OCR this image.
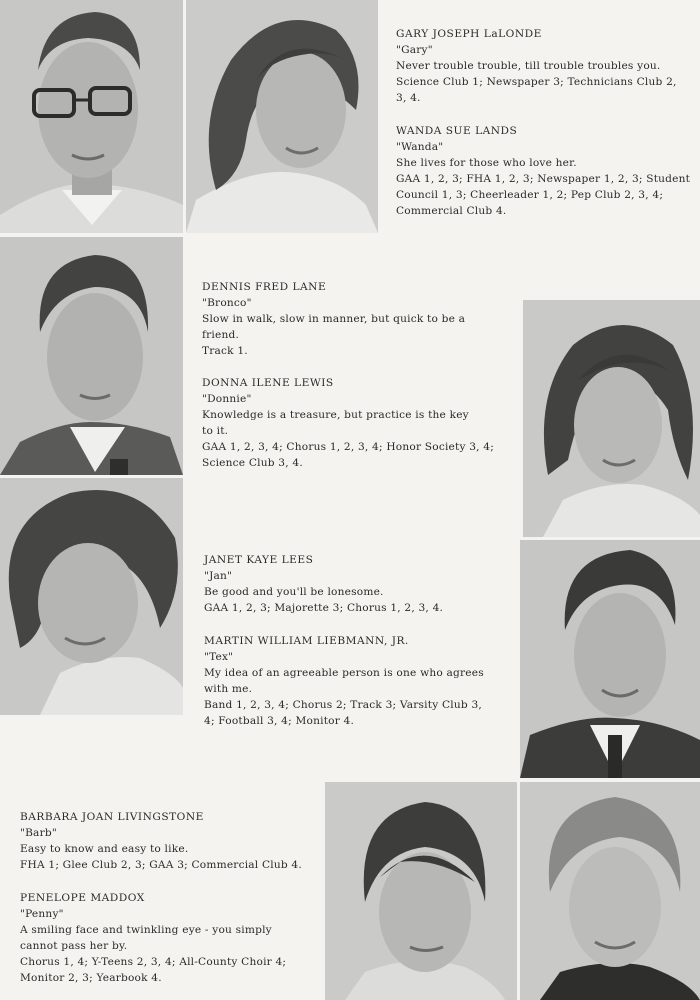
GARY JOSEPH LaLONDE
"Gary"
Never trouble trouble, till trouble troubles you.
Science Club 1; Newspaper 3; Technicians Club 2,
3, 4.
WANDA SUE LANDS
"Wanda"
She lives for those who love her.
GAA 1, 2, 3; FHA 1, 2, 3; Newspaper 1, 2, 3; Student
Council 1, 3; Cheerleader 1, 2; Pep Club 2, 3, 4;
Commercial Club 4.
DENNIS FRED LANE
"Bronco"
Slow in walk, slow in manner, but quick to be a
friend.
Track 1.
DONNA ILENE LEWIS
"Donnie"
Knowledge is a treasure, but practice is the key
to it.
GAA 1, 2, 3, 4; Chorus 1, 2, 3, 4; Honor Society 3, 4;
Science Club 3, 4.
JANET KAYE LEES
"Jan"
Be good and you'll be lonesome.
GAA 1, 2, 3; Majorette 3; Chorus 1, 2, 3, 4.
MARTIN WILLIAM LIEBMANN, JR.
"Tex"
My idea of an agreeable person is one who agrees
with me.
Band 1, 2, 3, 4; Chorus 2; Track 3; Varsity Club 3,
4; Football 3, 4; Monitor 4.
BARBARA JOAN LIVINGSTONE
"Barb"
Easy to know and easy to like.
FHA 1; Glee Club 2, 3; GAA 3; Commercial Club 4.
PENELOPE MADDOX
"Penny"
A smiling face and twinkling eye - you simply
cannot pass her by.
Chorus 1, 4; Y-Teens 2, 3, 4; All-County Choir 4;
Monitor 2, 3; Yearbook 4.
